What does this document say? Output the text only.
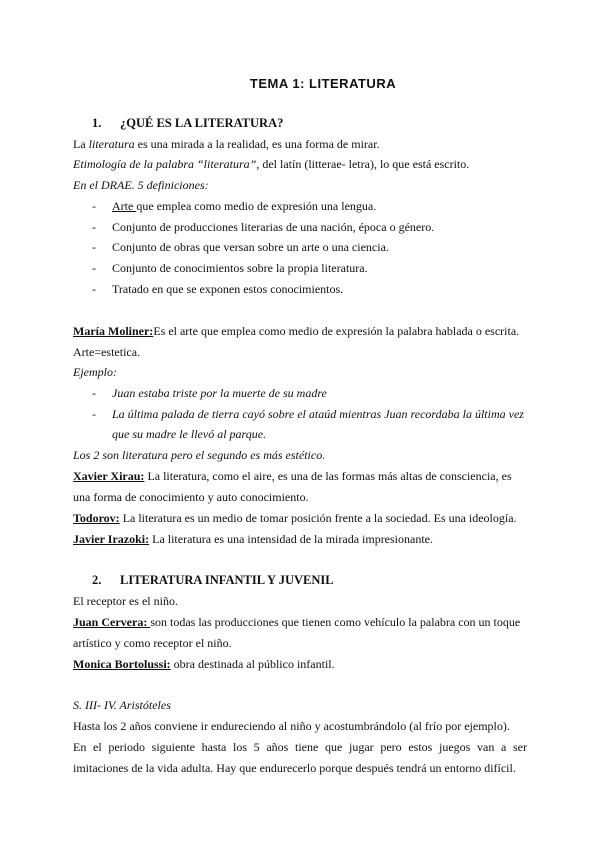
TEMA 1: LITERATURA
1. ¿QUÉ ES LA LITERATURA?
La literatura es una mirada a la realidad, es una forma de mirar.
Etimología de la palabra “literatura”, del latín (litterae- letra), lo que está escrito.
En el DRAE. 5 definiciones:
- Arte que emplea como medio de expresión una lengua.
- Conjunto de producciones literarias de una nación, época o género.
- Conjunto de obras que versan sobre un arte o una ciencia.
- Conjunto de conocimientos sobre la propia literatura.
- Tratado en que se exponen estos conocimientos.
María Moliner:Es el arte que emplea como medio de expresión la palabra hablada o escrita.
Arte=estetica.
Ejemplo:
- Juan estaba triste por la muerte de su madre
- La última palada de tierra cayó sobre el ataúd mientras Juan recordaba la última vez
que su madre le llevó al parque.
Los 2 son literatura pero el segundo es más estético.
Xavier Xirau: La literatura, como el aire, es una de las formas más altas de consciencia, es
una forma de conocimiento y auto conocimiento.
Todorov: La literatura es un medio de tomar posición frente a la sociedad. Es una ideología.
Javier Irazoki: La literatura es una intensidad de la mirada impresionante.
2. LITERATURA INFANTIL Y JUVENIL
El receptor es el niño.
Juan Cervera: son todas las producciones que tienen como vehículo la palabra con un toque
artístico y como receptor el niño.
Monica Bortolussi: obra destinada al público infantil.
S. III- IV. Aristóteles
Hasta los 2 años conviene ir endureciendo al niño y acostumbrándolo (al frío por ejemplo).
En el periodo siguiente hasta los 5 años tiene que jugar pero estos juegos van a ser
imitaciones de la vida adulta. Hay que endurecerlo porque después tendrá un entorno difícil.
